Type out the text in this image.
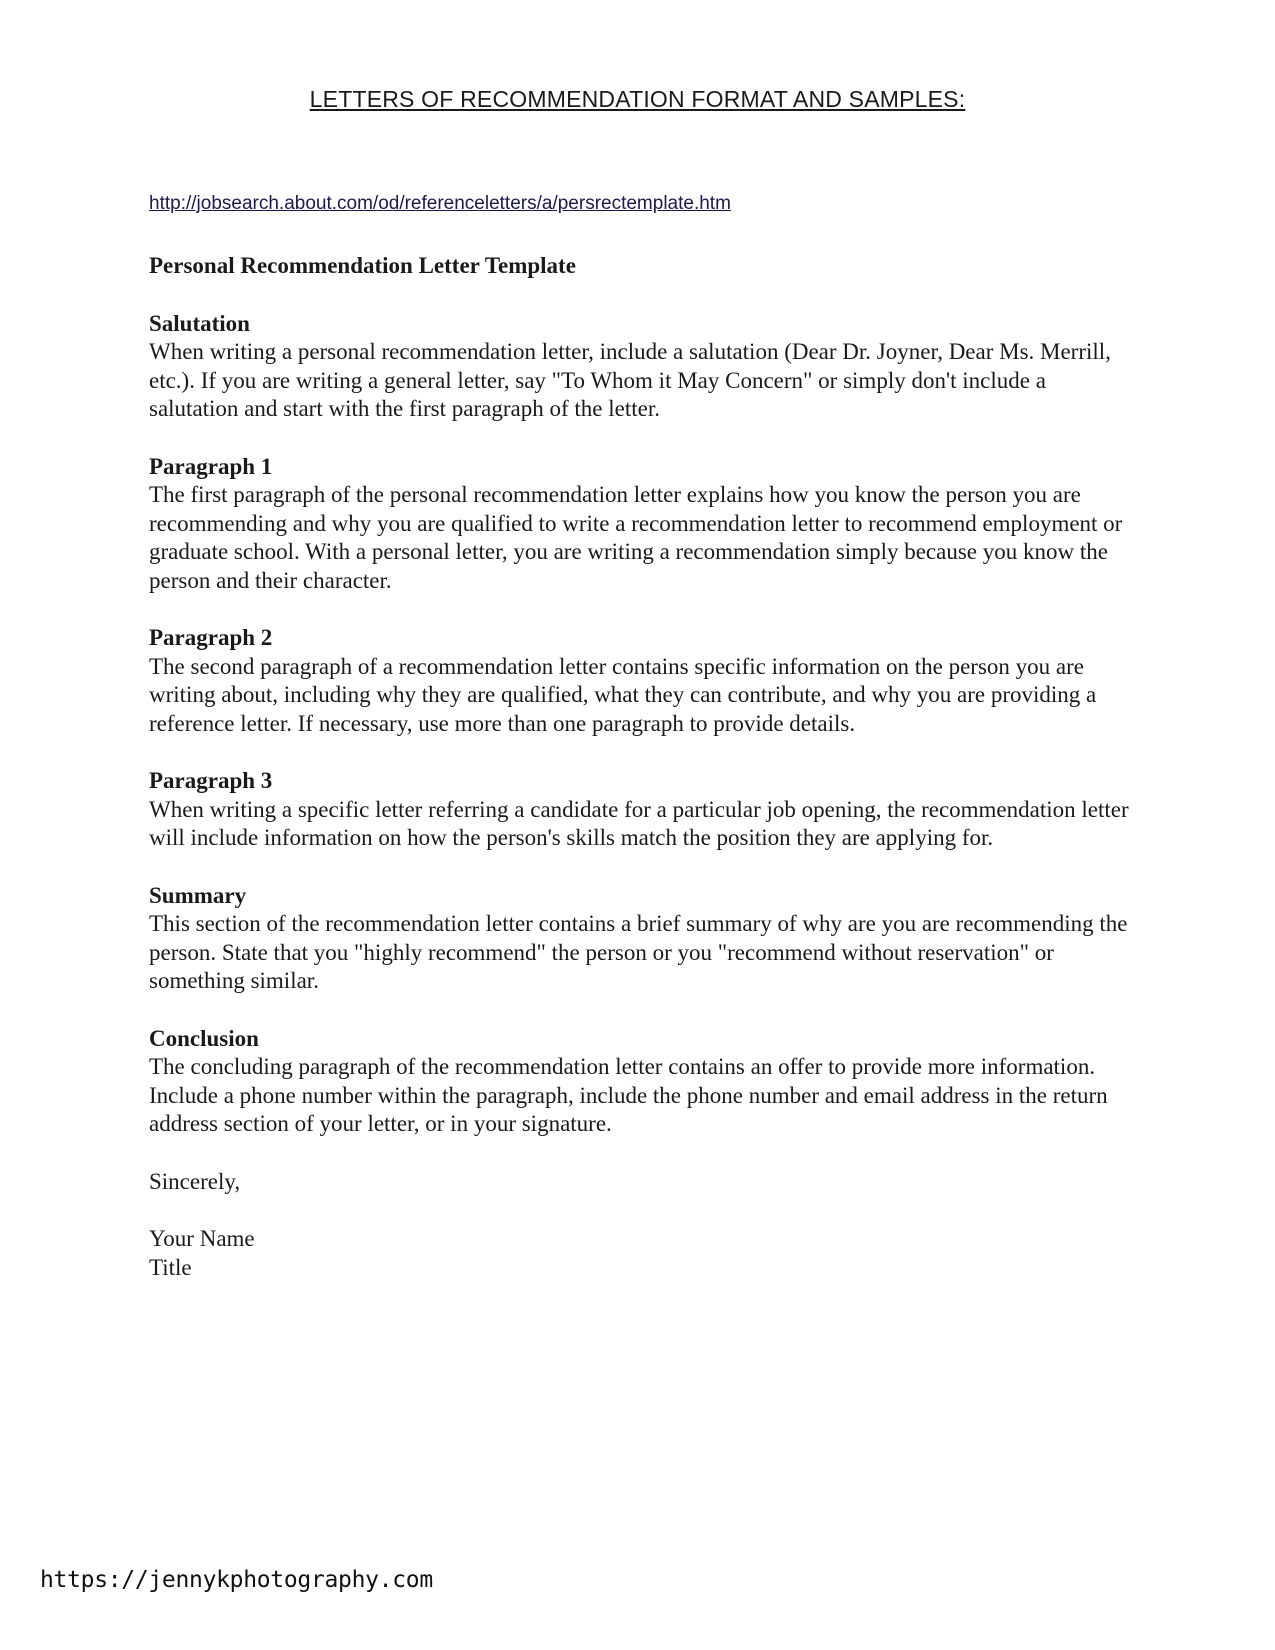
LETTERS OF RECOMMENDATION FORMAT AND SAMPLES:
http://jobsearch.about.com/od/referenceletters/a/persrectemplate.htm
Personal Recommendation Letter Template
Salutation
When writing a personal recommendation letter, include a salutation (Dear Dr. Joyner, Dear Ms. Merrill, etc.). If you are writing a general letter, say "To Whom it May Concern" or simply don't include a salutation and start with the first paragraph of the letter.
Paragraph 1
The first paragraph of the personal recommendation letter explains how you know the person you are recommending and why you are qualified to write a recommendation letter to recommend employment or graduate school. With a personal letter, you are writing a recommendation simply because you know the person and their character.
Paragraph 2
The second paragraph of a recommendation letter contains specific information on the person you are writing about, including why they are qualified, what they can contribute, and why you are providing a reference letter. If necessary, use more than one paragraph to provide details.
Paragraph 3
When writing a specific letter referring a candidate for a particular job opening, the recommendation letter will include information on how the person's skills match the position they are applying for.
Summary
This section of the recommendation letter contains a brief summary of why are you are recommending the person. State that you "highly recommend" the person or you "recommend without reservation" or something similar.
Conclusion
The concluding paragraph of the recommendation letter contains an offer to provide more information. Include a phone number within the paragraph, include the phone number and email address in the return address section of your letter, or in your signature.
Sincerely,
Your Name
Title
https://jennykphotography.com
